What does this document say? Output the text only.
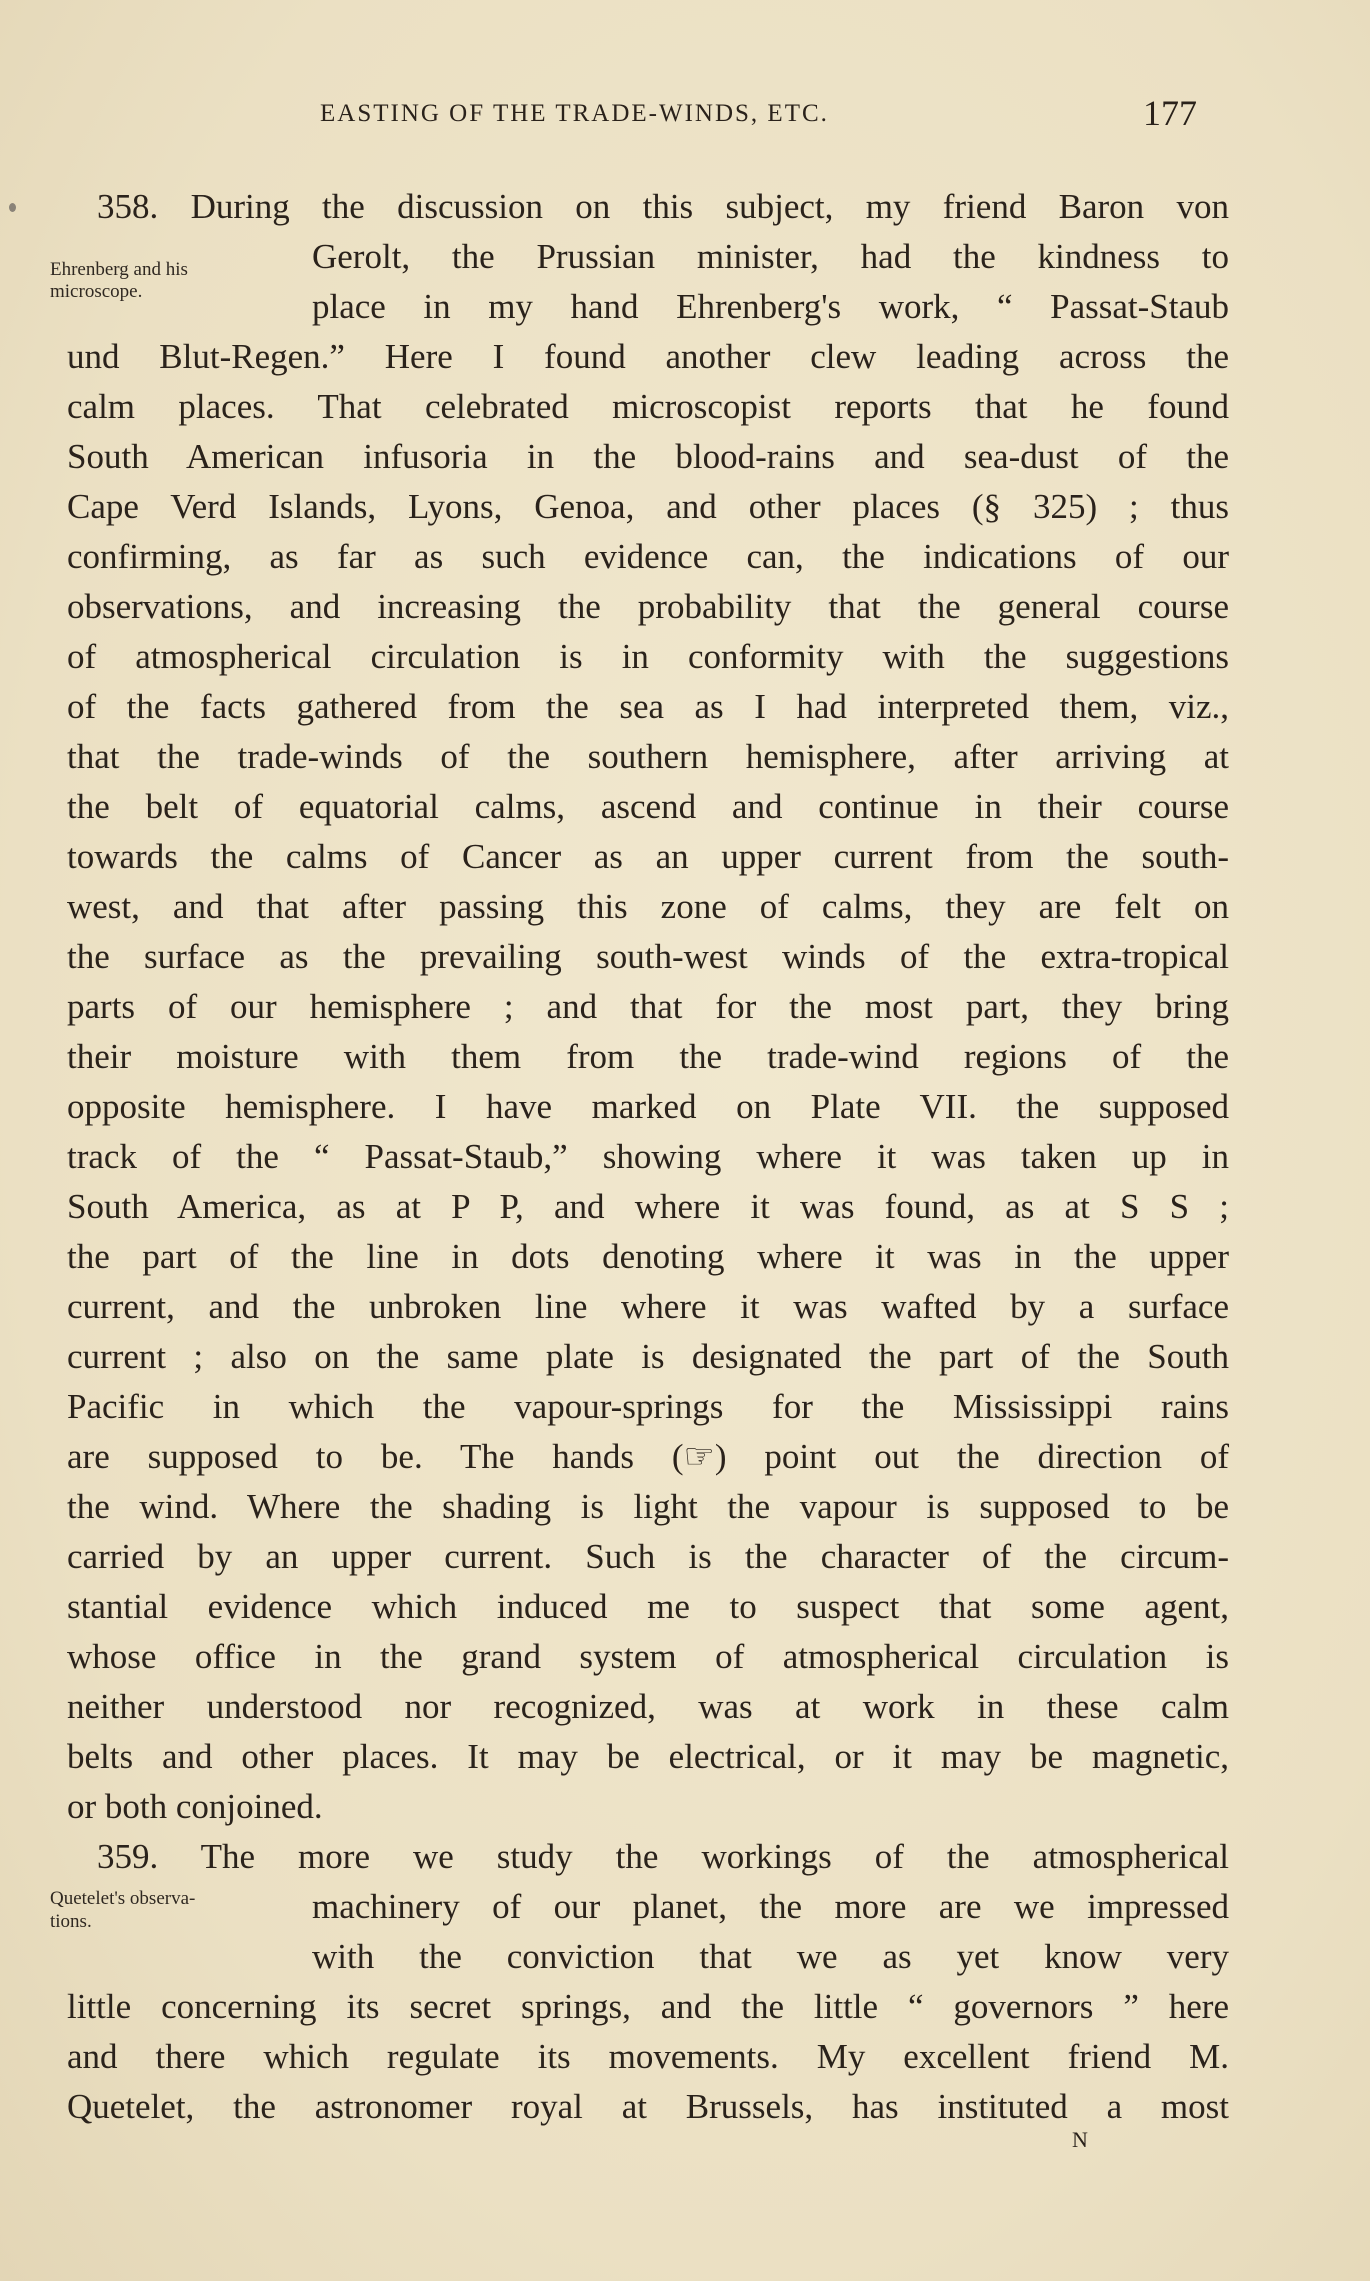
EASTING OF THE TRADE-WINDS, ETC.	177
Ehrenberg and his
microscope.
Quetelet's observa-
tions.
358. During the discussion on this subject, my friend Baron von
Gerolt, the Prussian minister, had the kindness to
place in my hand Ehrenberg's work, “ Passat-Staub
und Blut-Regen.” Here I found another clew leading across the
calm places. That celebrated microscopist reports that he found
South American infusoria in the blood-rains and sea-dust of the
Cape Verd Islands, Lyons, Genoa, and other places (§ 325) ; thus
confirming, as far as such evidence can, the indications of our
observations, and increasing the probability that the general course
of atmospherical circulation is in conformity with the suggestions
of the facts gathered from the sea as I had interpreted them, viz.,
that the trade-winds of the southern hemisphere, after arriving at
the belt of equatorial calms, ascend and continue in their course
towards the calms of Cancer as an upper current from the south-
west, and that after passing this zone of calms, they are felt on
the surface as the prevailing south-west winds of the extra-tropical
parts of our hemisphere ; and that for the most part, they bring
their moisture with them from the trade-wind regions of the
opposite hemisphere. I have marked on Plate VII. the supposed
track of the “ Passat-Staub,” showing where it was taken up in
South America, as at P P, and where it was found, as at S S ;
the part of the line in dots denoting where it was in the upper
current, and the unbroken line where it was wafted by a surface
current ; also on the same plate is designated the part of the South
Pacific in which the vapour-springs for the Mississippi rains
are supposed to be. The hands (☞) point out the direction of
the wind. Where the shading is light the vapour is supposed to be
carried by an upper current. Such is the character of the circum-
stantial evidence which induced me to suspect that some agent,
whose office in the grand system of atmospherical circulation is
neither understood nor recognized, was at work in these calm
belts and other places. It may be electrical, or it may be magnetic,
or both conjoined.
359. The more we study the workings of the atmospherical
machinery of our planet, the more are we impressed
with the conviction that we as yet know very
little concerning its secret springs, and the little “ governors ” here
and there which regulate its movements. My excellent friend M.
Quetelet, the astronomer royal at Brussels, has instituted a most
N
